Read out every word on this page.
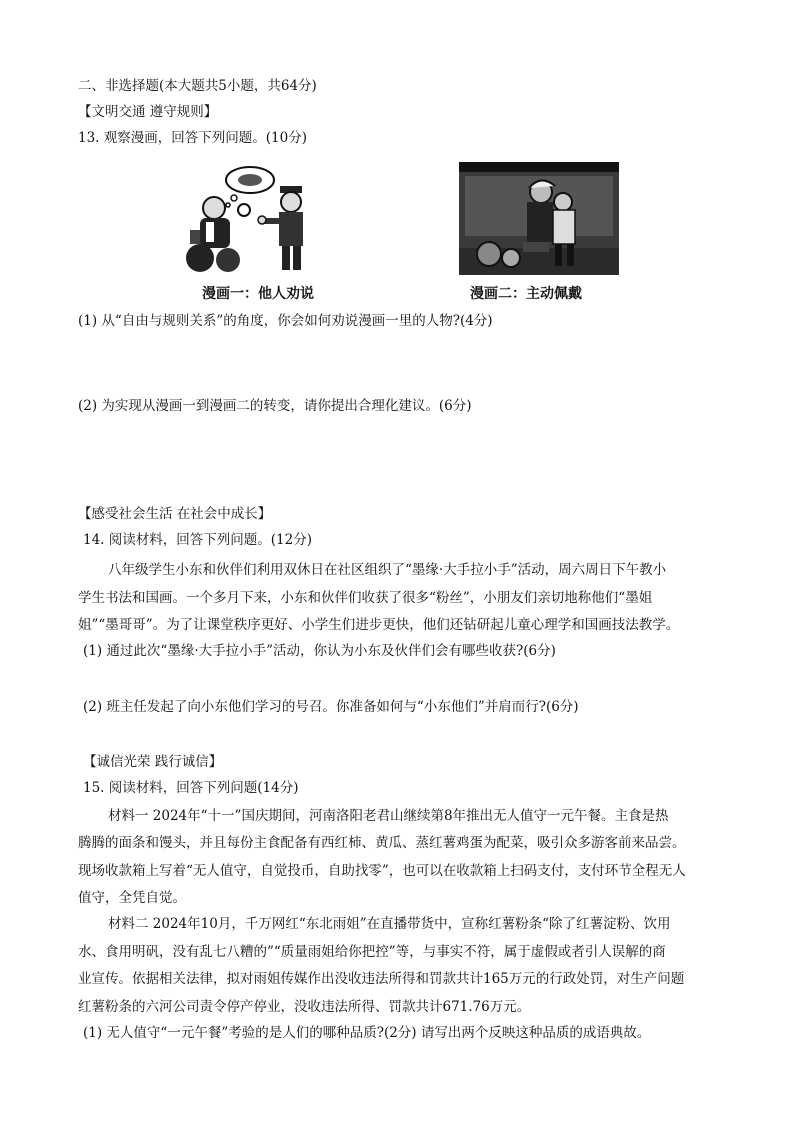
二、非选择题(本大题共5小题，共64分)
【文明交通 遵守规则】
13. 观察漫画，回答下列问题。(10分)
漫画一：他人劝说	漫画二：主动佩戴
(1) 从“自由与规则关系”的角度，你会如何劝说漫画一里的人物?(4分)
(2) 为实现从漫画一到漫画二的转变，请你提出合理化建议。(6分)
【感受社会生活 在社会中成长】
14. 阅读材料，回答下列问题。(12分)
八年级学生小东和伙伴们利用双休日在社区组织了“墨缘·大手拉小手”活动，周六周日下午教小
学生书法和国画。一个多月下来，小东和伙伴们收获了很多“粉丝”，小朋友们亲切地称他们“墨姐
姐”“墨哥哥”。为了让课堂秩序更好、小学生们进步更快，他们还钻研起儿童心理学和国画技法教学。
(1) 通过此次“墨缘·大手拉小手”活动，你认为小东及伙伴们会有哪些收获?(6分)
(2) 班主任发起了向小东他们学习的号召。你准备如何与“小东他们”并肩而行?(6分)
【诚信光荣 践行诚信】
15. 阅读材料，回答下列问题(14分)
材料一 2024年“十一”国庆期间，河南洛阳老君山继续第8年推出无人值守一元午餐。主食是热
腾腾的面条和馒头，并且每份主食配备有西红柿、黄瓜、蒸红薯鸡蛋为配菜，吸引众多游客前来品尝。
现场收款箱上写着“无人值守，自觉投币，自助找零”，也可以在收款箱上扫码支付，支付环节全程无人
值守，全凭自觉。
材料二 2024年10月，千万网红“东北雨姐”在直播带货中，宣称红薯粉条“除了红薯淀粉、饮用
水、食用明矾，没有乱七八糟的”“质量雨姐给你把控”等，与事实不符，属于虚假或者引人误解的商
业宣传。依据相关法律，拟对雨姐传媒作出没收违法所得和罚款共计165万元的行政处罚，对生产问题
红薯粉条的六河公司责令停产停业，没收违法所得、罚款共计671.76万元。
(1) 无人值守“一元午餐”考验的是人们的哪种品质?(2分) 请写出两个反映这种品质的成语典故。
